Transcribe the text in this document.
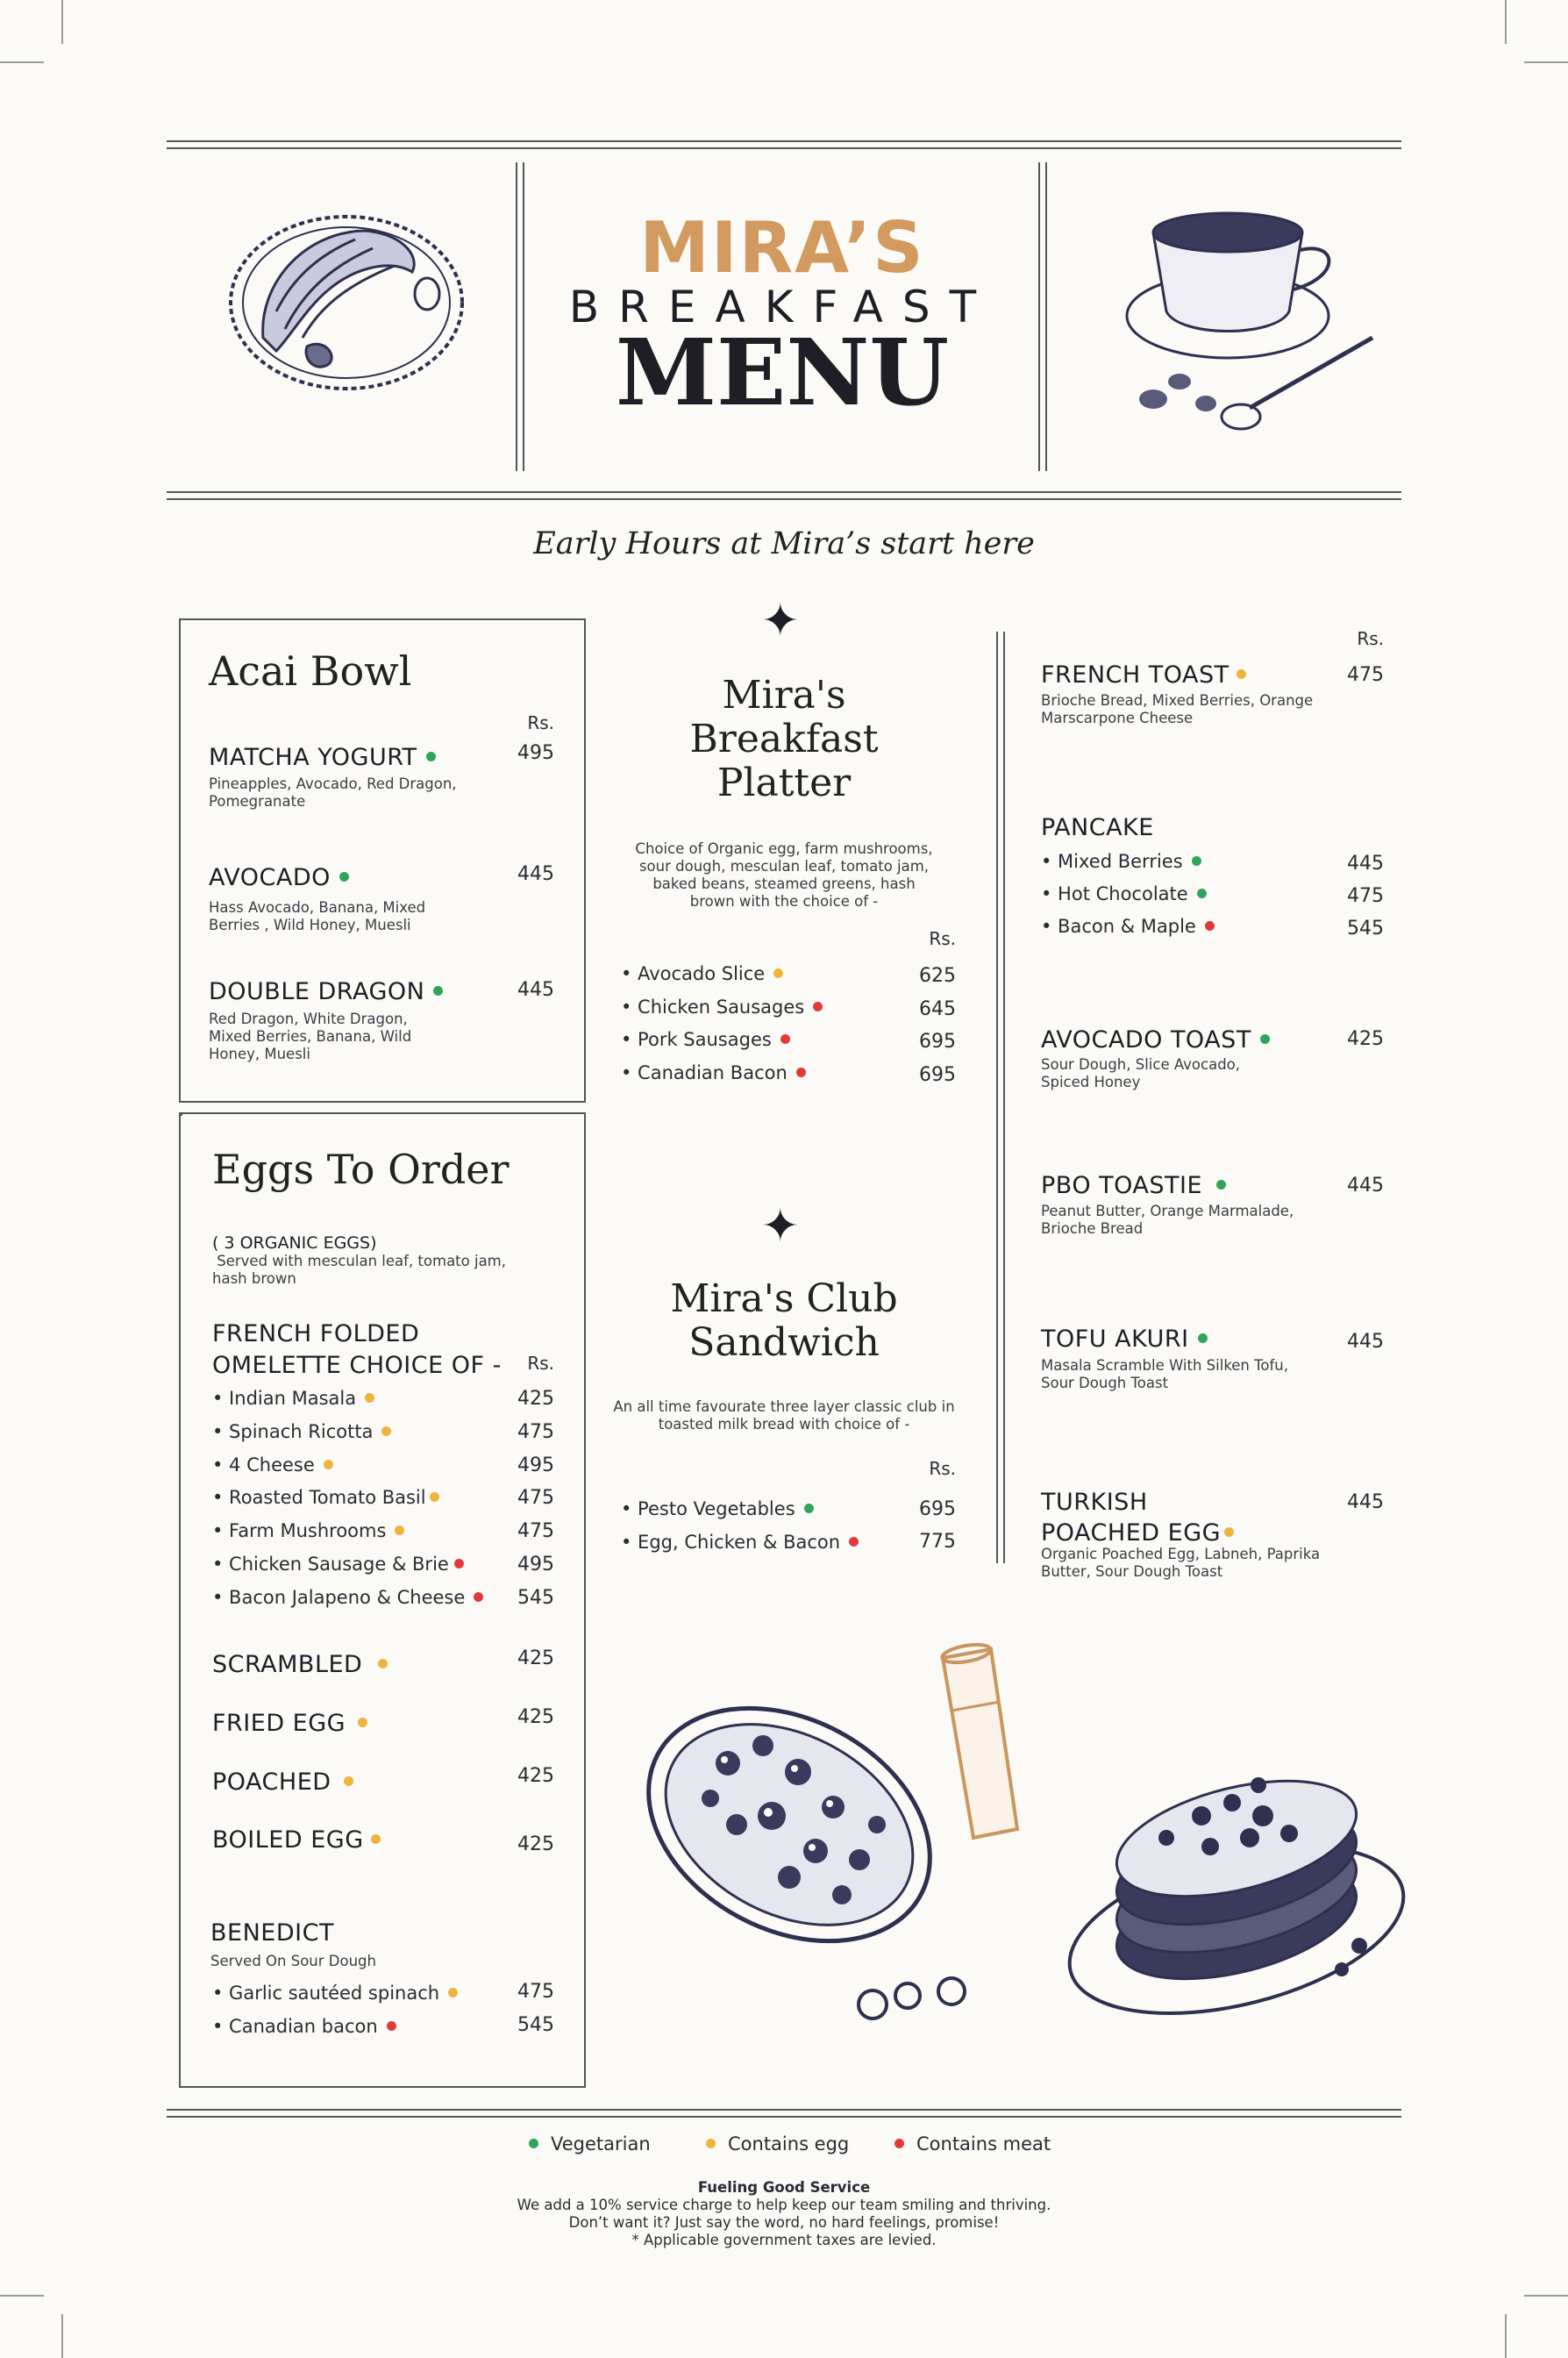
MIRA’S
BREAKFAST
MENU
Early Hours at Mira’s start here
Acai Bowl
Rs.
MATCHA YOGURT
Pineapples, Avocado, Red Dragon,
Pomegranate
495
AVOCADO
Hass Avocado, Banana, Mixed
Berries , Wild Honey, Muesli
445
DOUBLE DRAGON
Red Dragon, White Dragon,
Mixed Berries, Banana, Wild
Honey, Muesli
445
Eggs To Order
( 3 ORGANIC EGGS)
Served with mesculan leaf, tomato jam,
hash brown
FRENCH FOLDED
OMELETTE CHOICE OF -	Rs.
• Indian Masala	425
• Spinach Ricotta	475
• 4 Cheese	495
• Roasted Tomato Basil	475
• Farm Mushrooms	475
• Chicken Sausage & Brie	495
• Bacon Jalapeno & Cheese	545
SCRAMBLED	425
FRIED EGG	425
POACHED	425
BOILED EGG	425
BENEDICT
Served On Sour Dough
• Garlic sautéed spinach	475
• Canadian bacon	545
✦
Mira's
Breakfast
Platter
Choice of Organic egg, farm mushrooms,
sour dough, mesculan leaf, tomato jam,
baked beans, steamed greens, hash
brown with the choice of -
Rs.
• Avocado Slice	625
• Chicken Sausages	645
• Pork Sausages	695
• Canadian Bacon	695
✦
Mira's Club
Sandwich
An all time favourate three layer classic club in
toasted milk bread with choice of -
Rs.
• Pesto Vegetables	695
• Egg, Chicken & Bacon	775
Rs.
FRENCH TOAST
Brioche Bread, Mixed Berries, Orange
Marscarpone Cheese
475
PANCAKE
• Mixed Berries	445
• Hot Chocolate	475
• Bacon & Maple	545
AVOCADO TOAST
Sour Dough, Slice Avocado,
Spiced Honey
425
PBO TOASTIE
Peanut Butter, Orange Marmalade,
Brioche Bread
445
TOFU AKURI
Masala Scramble With Silken Tofu,
Sour Dough Toast
445
TURKISH
POACHED EGG
Organic Poached Egg, Labneh, Paprika
Butter, Sour Dough Toast
445
Vegetarian	Contains egg	Contains meat
Fueling Good Service
We add a 10% service charge to help keep our team smiling and thriving.
Don’t want it? Just say the word, no hard feelings, promise!
* Applicable government taxes are levied.
